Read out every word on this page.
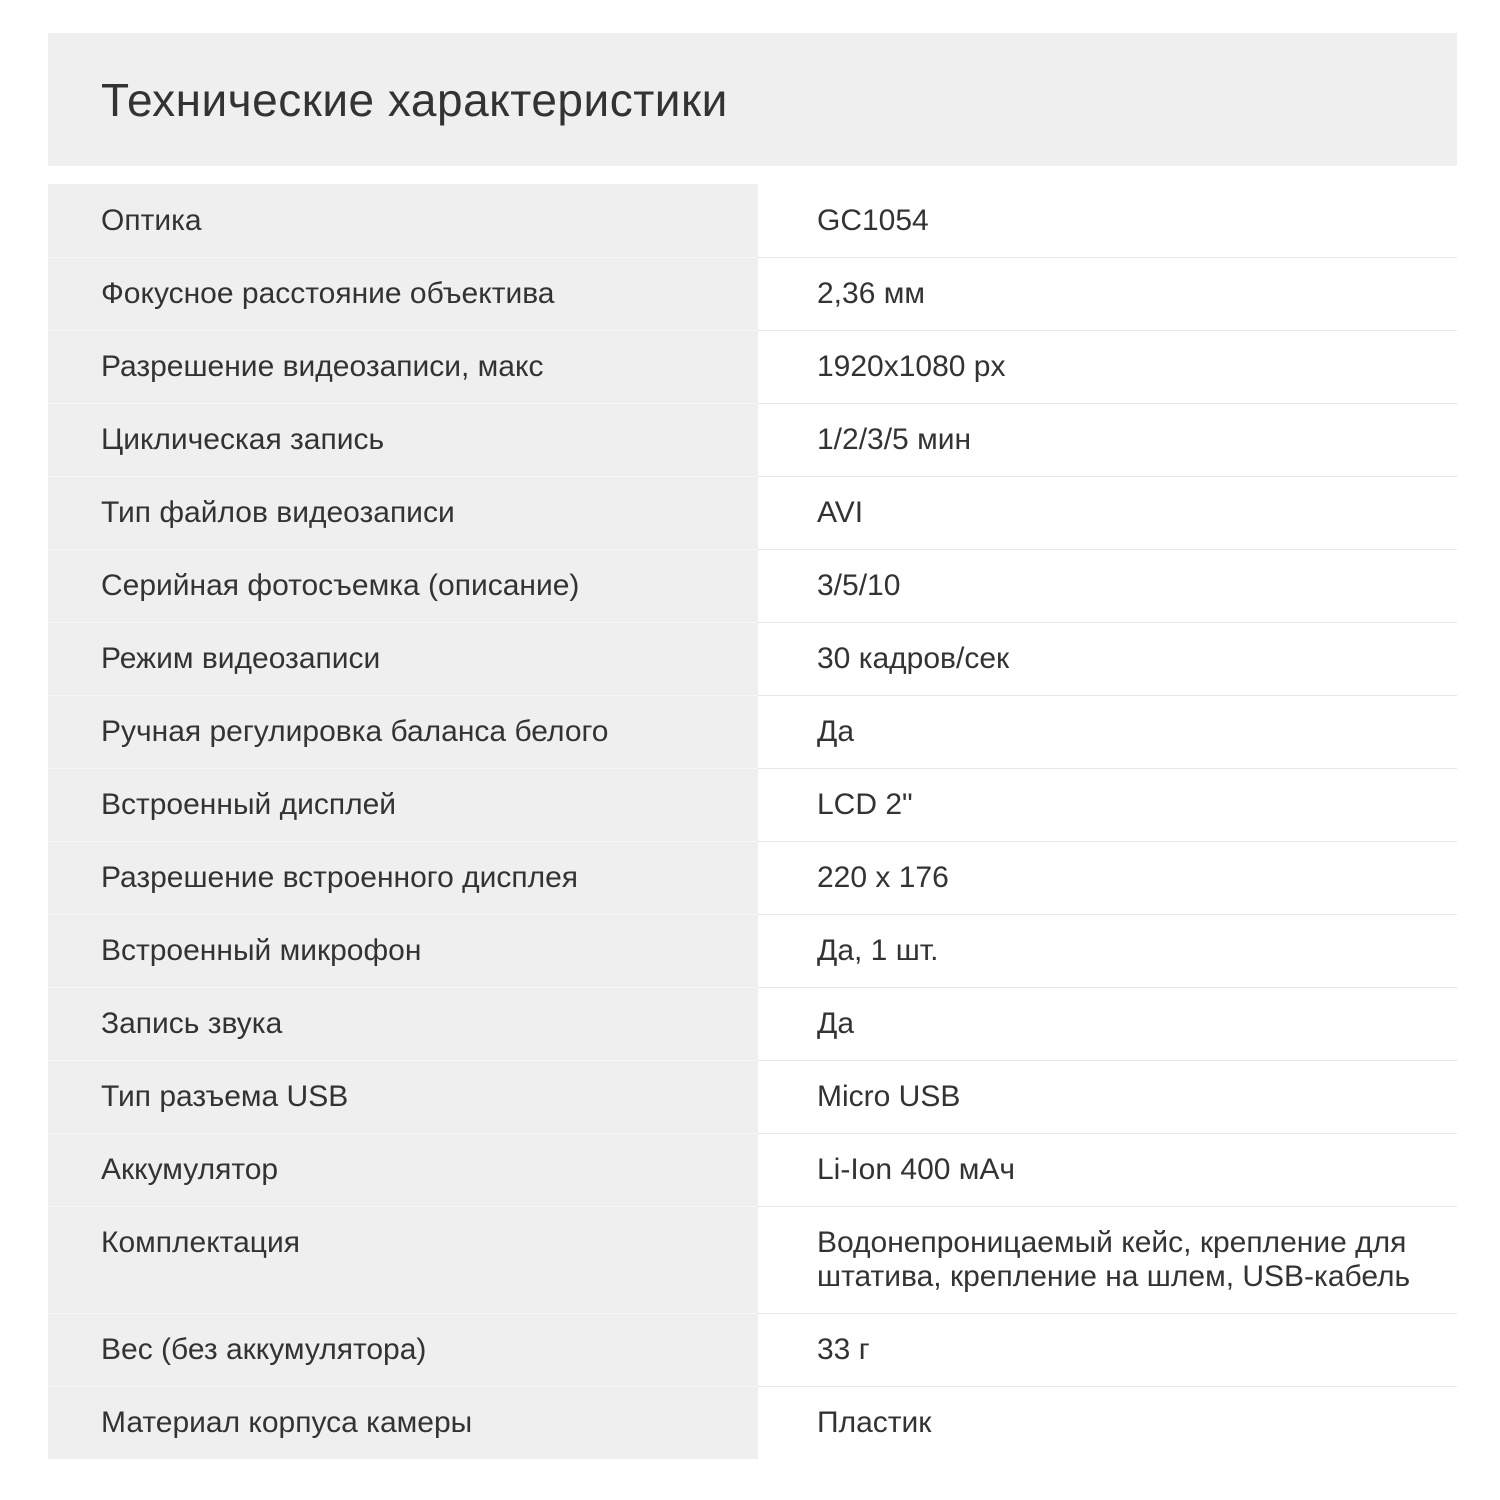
Технические характеристики
Оптика	GC1054
Фокусное расстояние объектива	2,36 мм
Разрешение видеозаписи, макс	1920x1080 px
Циклическая запись	1/2/3/5 мин
Тип файлов видеозаписи	AVI
Серийная фотосъемка (описание)	3/5/10
Режим видеозаписи	30 кадров/сек
Ручная регулировка баланса белого	Да
Встроенный дисплей	LCD 2"
Разрешение встроенного дисплея	220 x 176
Встроенный микрофон	Да, 1 шт.
Запись звука	Да
Тип разъема USB	Micro USB
Аккумулятор	Li-Ion 400 мАч
Комплектация	Водонепроницаемый кейс, крепление для штатива, крепление на шлем, USB-кабель
Вес (без аккумулятора)	33 г
Материал корпуса камеры	Пластик
